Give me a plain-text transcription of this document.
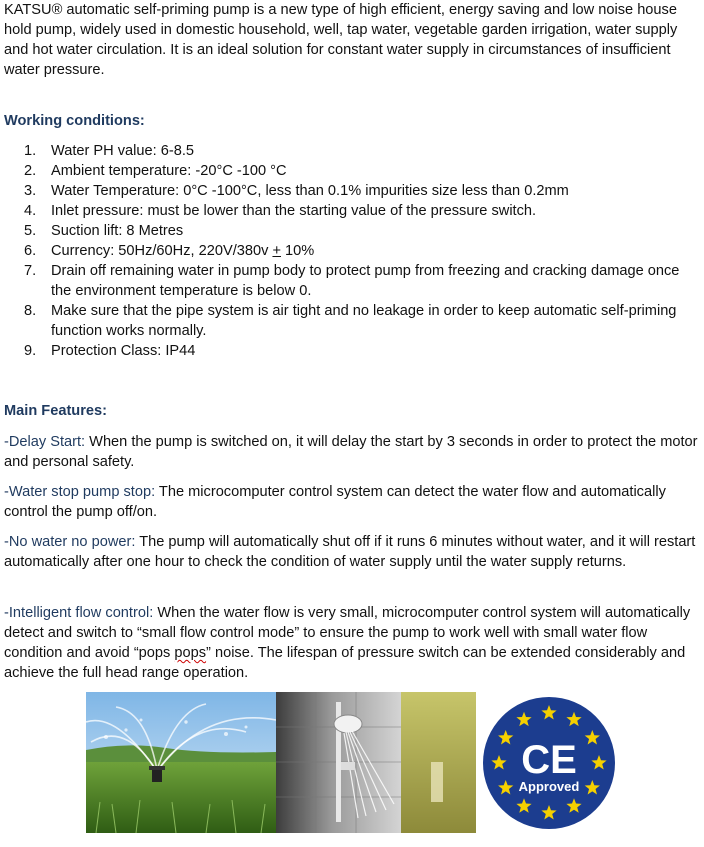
KATSU® automatic self-priming pump is a new type of high efficient, energy saving and low noise house hold pump, widely used in domestic household, well, tap water, vegetable garden irrigation, water supply and hot water circulation. It is an ideal solution for constant water supply in circumstances of insufficient water pressure.

Working conditions:
1. Water PH value: 6-8.5
2. Ambient temperature: -20°C -100 °C
3. Water Temperature: 0°C -100°C, less than 0.1% impurities size less than 0.2mm
4. Inlet pressure: must be lower than the starting value of the pressure switch.
5. Suction lift: 8 Metres
6. Currency: 50Hz/60Hz, 220V/380v + 10%
7. Drain off remaining water in pump body to protect pump from freezing and cracking damage once the environment temperature is below 0.
8. Make sure that the pipe system is air tight and no leakage in order to keep automatic self-priming function works normally.
9. Protection Class: IP44
Main Features:

-Delay Start: When the pump is switched on, it will delay the start by 3 seconds in order to protect the motor and personal safety.

-Water stop pump stop: The microcomputer control system can detect the water flow and automatically control the pump off/on.

-No water no power: The pump will automatically shut off if it runs 6 minutes without water, and it will restart automatically after one hour to check the condition of water supply until the water supply returns.

-Intelligent flow control: When the water flow is very small, microcomputer control system will automatically detect and switch to “small flow control mode” to ensure the pump to work well with small water flow condition and avoid “pops pops” noise. The lifespan of pressure switch can be extended considerably and achieve the full head range operation.

CE
Approved
